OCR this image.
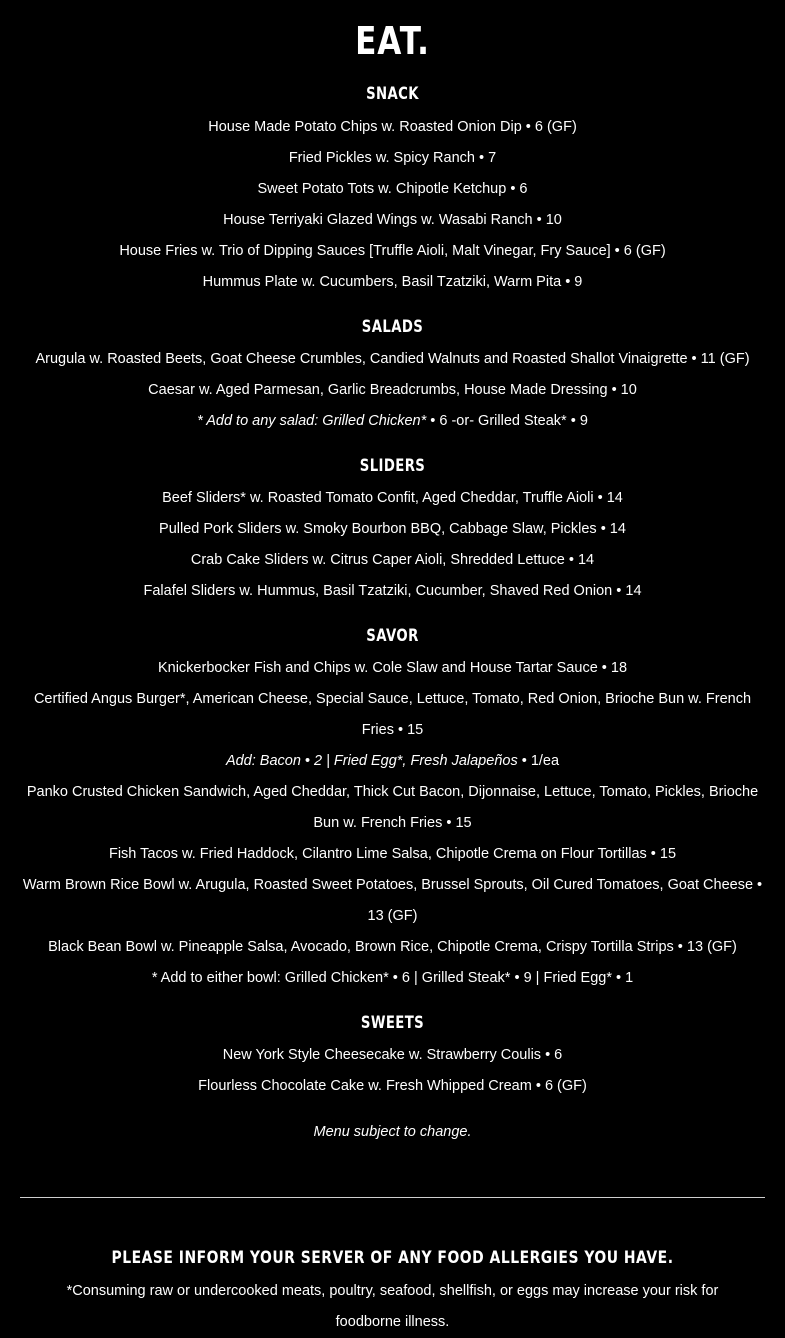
EAT.
SNACK
House Made Potato Chips w. Roasted Onion Dip • 6 (GF)
Fried Pickles w. Spicy Ranch • 7
Sweet Potato Tots w. Chipotle Ketchup • 6
House Terriyaki Glazed Wings w. Wasabi Ranch • 10
House Fries w. Trio of Dipping Sauces [Truffle Aioli, Malt Vinegar, Fry Sauce] • 6 (GF)
Hummus Plate w. Cucumbers, Basil Tzatziki, Warm Pita • 9
SALADS
Arugula w. Roasted Beets, Goat Cheese Crumbles, Candied Walnuts and Roasted Shallot Vinaigrette • 11 (GF)
Caesar w. Aged Parmesan, Garlic Breadcrumbs, House Made Dressing • 10
* Add to any salad: Grilled Chicken* • 6 -or- Grilled Steak* • 9
SLIDERS
Beef Sliders* w. Roasted Tomato Confit, Aged Cheddar, Truffle Aioli • 14
Pulled Pork Sliders w. Smoky Bourbon BBQ, Cabbage Slaw, Pickles • 14
Crab Cake Sliders w. Citrus Caper Aioli, Shredded Lettuce • 14
Falafel Sliders w. Hummus, Basil Tzatziki, Cucumber, Shaved Red Onion • 14
SAVOR
Knickerbocker Fish and Chips w. Cole Slaw and House Tartar Sauce • 18
Certified Angus Burger*, American Cheese, Special Sauce, Lettuce, Tomato, Red Onion, Brioche Bun w. French Fries • 15
Add: Bacon • 2 | Fried Egg*, Fresh Jalapeños • 1/ea
Panko Crusted Chicken Sandwich, Aged Cheddar, Thick Cut Bacon, Dijonnaise, Lettuce, Tomato, Pickles, Brioche Bun w. French Fries • 15
Fish Tacos w. Fried Haddock, Cilantro Lime Salsa, Chipotle Crema on Flour Tortillas • 15
Warm Brown Rice Bowl w. Arugula, Roasted Sweet Potatoes, Brussel Sprouts, Oil Cured Tomatoes, Goat Cheese • 13 (GF)
Black Bean Bowl w. Pineapple Salsa, Avocado, Brown Rice, Chipotle Crema, Crispy Tortilla Strips • 13 (GF)
* Add to either bowl: Grilled Chicken* • 6 | Grilled Steak* • 9 | Fried Egg* • 1
SWEETS
New York Style Cheesecake w. Strawberry Coulis • 6
Flourless Chocolate Cake w. Fresh Whipped Cream • 6 (GF)
Menu subject to change.
PLEASE INFORM YOUR SERVER OF ANY FOOD ALLERGIES YOU HAVE.
*Consuming raw or undercooked meats, poultry, seafood, shellfish, or eggs may increase your risk for foodborne illness.
